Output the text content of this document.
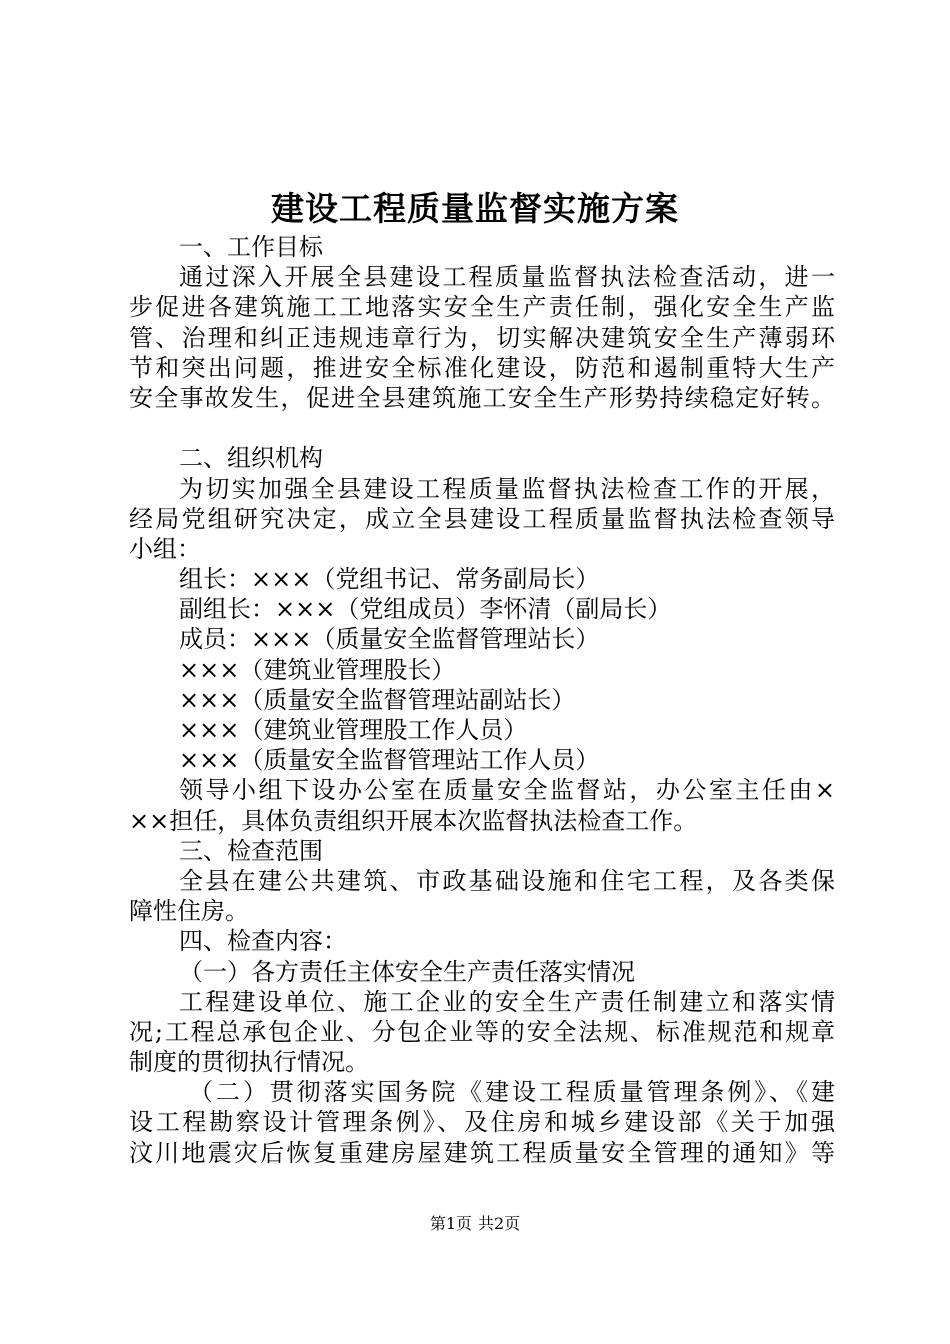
建设工程质量监督实施方案
一、工作目标
通过深入开展全县建设工程质量监督执法检查活动，进一
步促进各建筑施工工地落实安全生产责任制，强化安全生产监
管、治理和纠正违规违章行为，切实解决建筑安全生产薄弱环
节和突出问题，推进安全标准化建设，防范和遏制重特大生产
安全事故发生，促进全县建筑施工安全生产形势持续稳定好转。
二、组织机构
为切实加强全县建设工程质量监督执法检查工作的开展，
经局党组研究决定，成立全县建设工程质量监督执法检查领导
小组：
组长：×××（党组书记、常务副局长）
副组长：×××（党组成员）李怀清（副局长）
成员：×××（质量安全监督管理站长）
×××（建筑业管理股长）
×××（质量安全监督管理站副站长）
×××（建筑业管理股工作人员）
×××（质量安全监督管理站工作人员）
领导小组下设办公室在质量安全监督站，办公室主任由×
××担任，具体负责组织开展本次监督执法检查工作。
三、检查范围
全县在建公共建筑、市政基础设施和住宅工程，及各类保
障性住房。
四、检查内容：
（一）各方责任主体安全生产责任落实情况
工程建设单位、施工企业的安全生产责任制建立和落实情
况;工程总承包企业、分包企业等的安全法规、标准规范和规章
制度的贯彻执行情况。
（二）贯彻落实国务院《建设工程质量管理条例》、《建
设工程勘察设计管理条例》、及住房和城乡建设部《关于加强
汶川地震灾后恢复重建房屋建筑工程质量安全管理的通知》等
第1页 共2页
